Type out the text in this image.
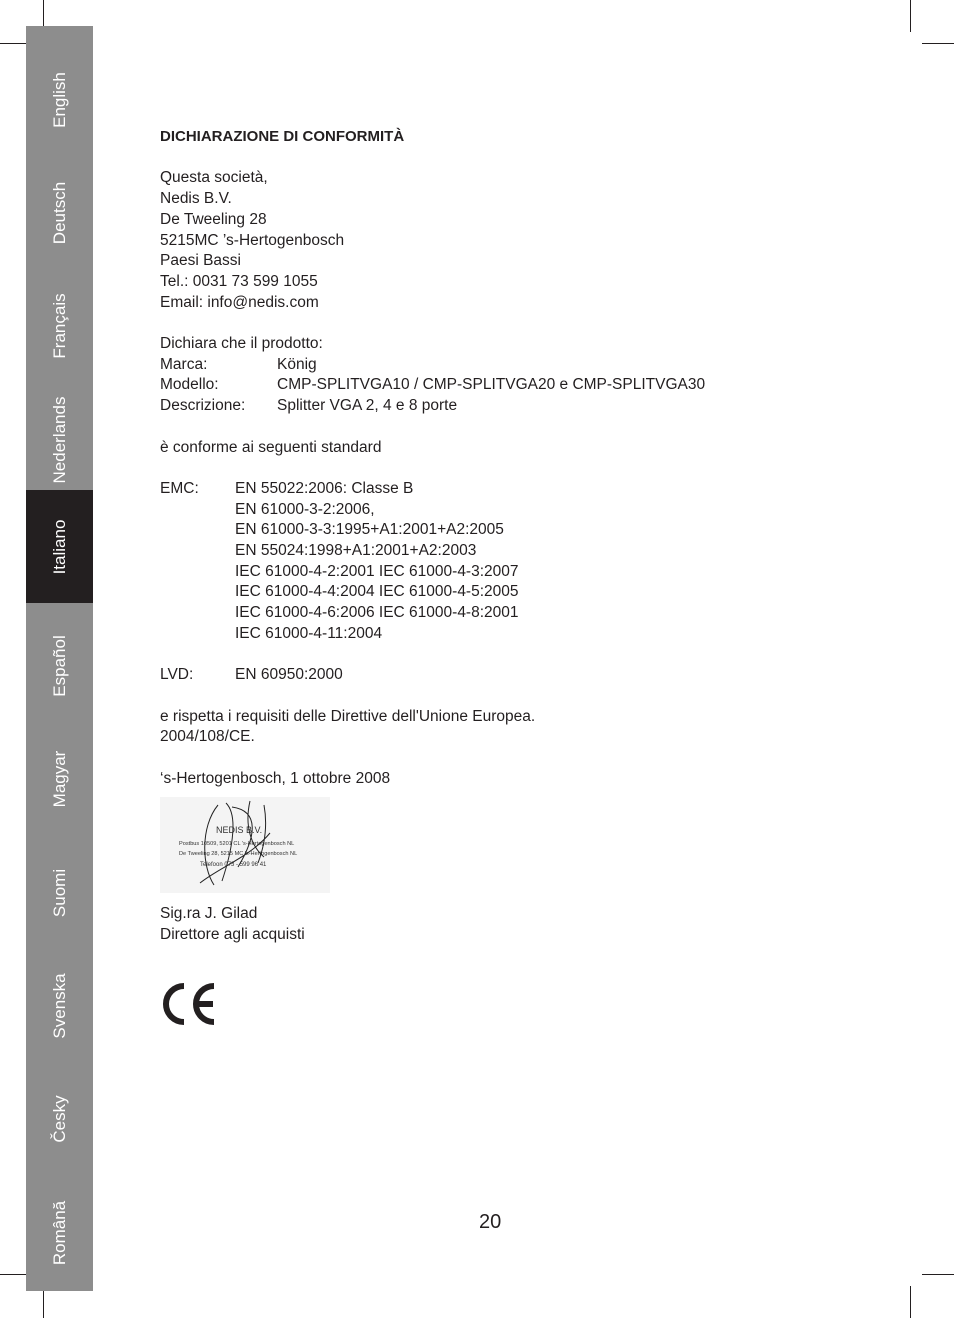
English
Deutsch
Français
Nederlands
Italiano
Español
Magyar
Suomi
Svenska
Česky
Română

DICHIARAZIONE DI CONFORMITÀ

Questa società,
Nedis B.V.
De Tweeling 28
5215MC ’s-Hertogenbosch
Paesi Bassi
Tel.: 0031 73 599 1055
Email: info@nedis.com
Dichiara che il prodotto:
Marca:	König
Modello:	CMP-SPLITVGA10 / CMP-SPLITVGA20 e CMP-SPLITVGA30
Descrizione:	Splitter VGA 2, 4 e 8 porte
è conforme ai seguenti standard
EMC:	EN 55022:2006: Classe B
EN 61000-3-2:2006,
EN 61000-3-3:1995+A1:2001+A2:2005
EN 55024:1998+A1:2001+A2:2003
IEC 61000-4-2:2001 IEC 61000-4-3:2007
IEC 61000-4-4:2004 IEC 61000-4-5:2005
IEC 61000-4-6:2006 IEC 61000-4-8:2001
IEC 61000-4-11:2004
LVD:	EN 60950:2000
e rispetta i requisiti delle Direttive dell'Unione Europea.
2004/108/CE.
‘s-Hertogenbosch, 1 ottobre 2008
NEDIS B.V.
Postbus 10509, 5201 CL 's-Hertogenbosch NL
De Tweeling 28, 5215 MC 's-Hertogenbosch NL
Telefoon 073 - 599 96 41
Sig.ra J. Gilad
Direttore agli acquisti
20
